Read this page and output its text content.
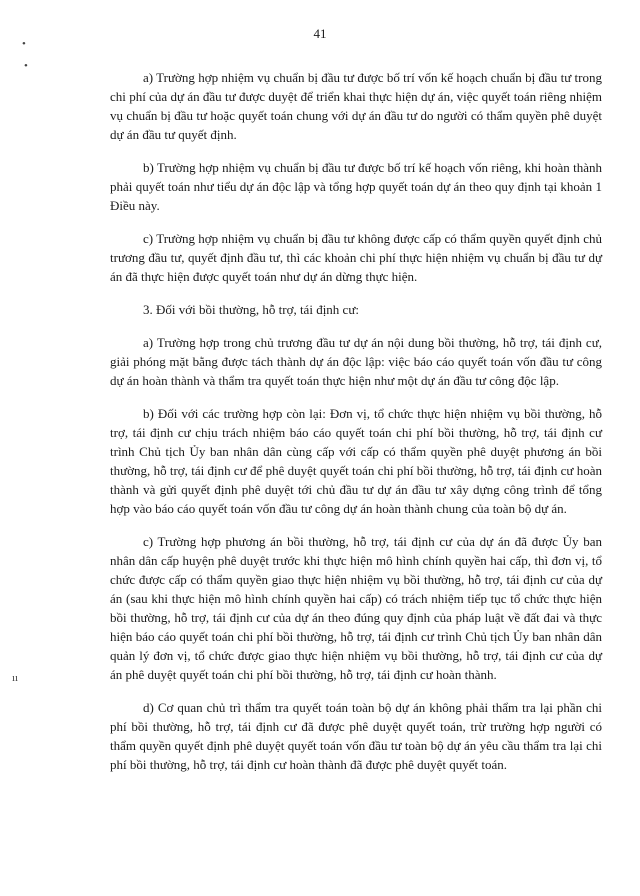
41
•
•
ıı

a) Trường hợp nhiệm vụ chuẩn bị đầu tư được bố trí vốn kế hoạch chuẩn bị đầu tư trong chi phí của dự án đầu tư được duyệt để triển khai thực hiện dự án, việc quyết toán riêng nhiệm vụ chuẩn bị đầu tư hoặc quyết toán chung với dự án đầu tư do người có thẩm quyền phê duyệt dự án đầu tư quyết định.

b) Trường hợp nhiệm vụ chuẩn bị đầu tư được bố trí kế hoạch vốn riêng, khi hoàn thành phải quyết toán như tiểu dự án độc lập và tổng hợp quyết toán dự án theo quy định tại khoản 1 Điều này.

c) Trường hợp nhiệm vụ chuẩn bị đầu tư không được cấp có thẩm quyền quyết định chủ trương đầu tư, quyết định đầu tư, thì các khoản chi phí thực hiện nhiệm vụ chuẩn bị đầu tư dự án đã thực hiện được quyết toán như dự án dừng thực hiện.

3. Đối với bồi thường, hỗ trợ, tái định cư:

a) Trường hợp trong chủ trương đầu tư dự án nội dung bồi thường, hỗ trợ, tái định cư, giải phóng mặt bằng được tách thành dự án độc lập: việc báo cáo quyết toán vốn đầu tư công dự án hoàn thành và thẩm tra quyết toán thực hiện như một dự án đầu tư công độc lập.

b) Đối với các trường hợp còn lại: Đơn vị, tổ chức thực hiện nhiệm vụ bồi thường, hỗ trợ, tái định cư chịu trách nhiệm báo cáo quyết toán chi phí bồi thường, hỗ trợ, tái định cư trình Chủ tịch Ủy ban nhân dân cùng cấp với cấp có thẩm quyền phê duyệt phương án bồi thường, hỗ trợ, tái định cư để phê duyệt quyết toán chi phí bồi thường, hỗ trợ, tái định cư hoàn thành và gửi quyết định phê duyệt tới chủ đầu tư dự án đầu tư xây dựng công trình để tổng hợp vào báo cáo quyết toán vốn đầu tư công dự án hoàn thành chung của toàn bộ dự án.

c) Trường hợp phương án bồi thường, hỗ trợ, tái định cư của dự án đã được Ủy ban nhân dân cấp huyện phê duyệt trước khi thực hiện mô hình chính quyền hai cấp, thì đơn vị, tổ chức được cấp có thẩm quyền giao thực hiện nhiệm vụ bồi thường, hỗ trợ, tái định cư của dự án (sau khi thực hiện mô hình chính quyền hai cấp) có trách nhiệm tiếp tục tổ chức thực hiện bồi thường, hỗ trợ, tái định cư của dự án theo đúng quy định của pháp luật về đất đai và thực hiện báo cáo quyết toán chi phí bồi thường, hỗ trợ, tái định cư trình Chủ tịch Ủy ban nhân dân quản lý đơn vị, tổ chức được giao thực hiện nhiệm vụ bồi thường, hỗ trợ, tái định cư của dự án phê duyệt quyết toán chi phí bồi thường, hỗ trợ, tái định cư hoàn thành.

d) Cơ quan chủ trì thẩm tra quyết toán toàn bộ dự án không phải thẩm tra lại phần chi phí bồi thường, hỗ trợ, tái định cư đã được phê duyệt quyết toán, trừ trường hợp người có thẩm quyền quyết định phê duyệt quyết toán vốn đầu tư toàn bộ dự án yêu cầu thẩm tra lại chi phí bồi thường, hỗ trợ, tái định cư hoàn thành đã được phê duyệt quyết toán.
